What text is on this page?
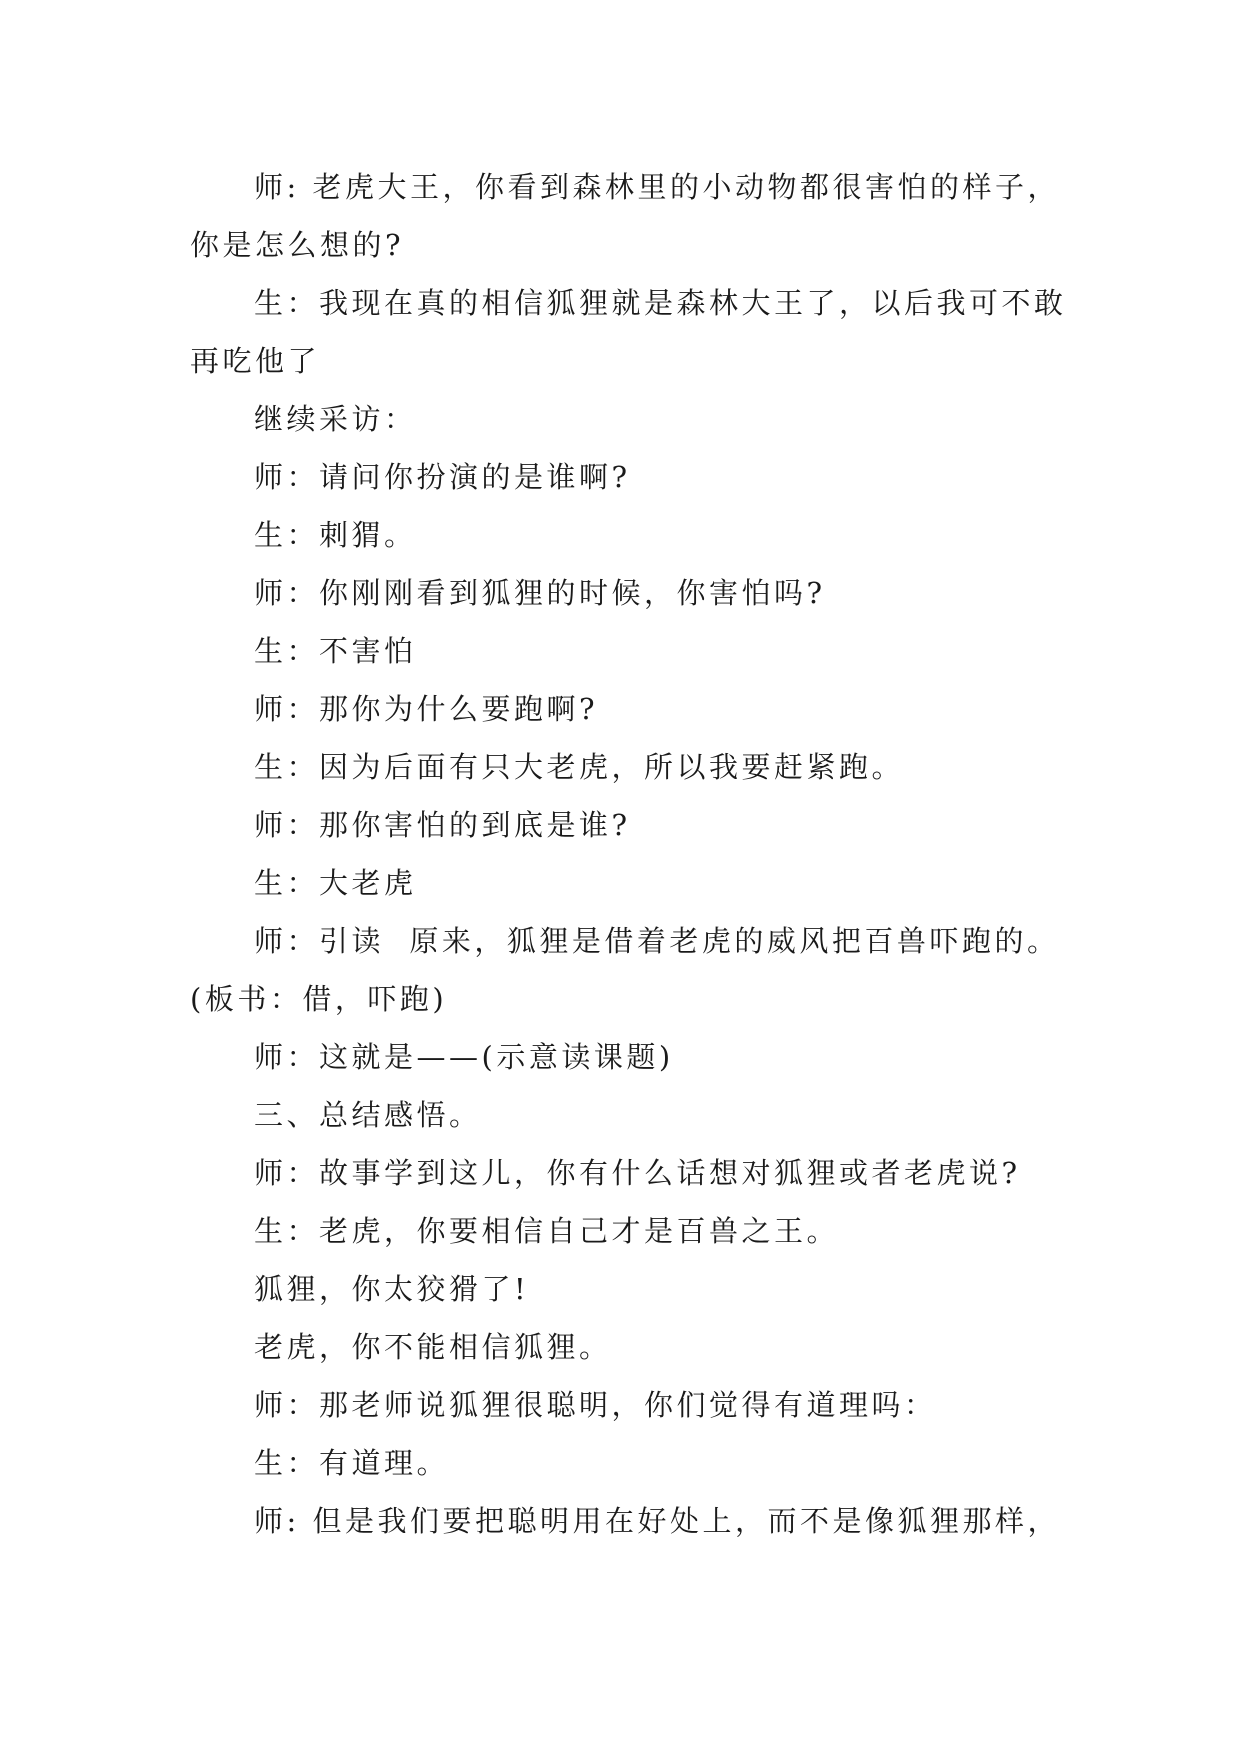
师: 老虎大王，你看到森林里的小动物都很害怕的样子，你是怎么想的?

生：我现在真的相信狐狸就是森林大王了，以后我可不敢再吃他了

继续采访：

师：请问你扮演的是谁啊?

生：刺猬。

师：你刚刚看到狐狸的时候，你害怕吗?

生：不害怕

师：那你为什么要跑啊?

生：因为后面有只大老虎，所以我要赶紧跑。

师：那你害怕的到底是谁?

生：大老虎

师：引读  原来，狐狸是借着老虎的威风把百兽吓跑的。(板书：借，吓跑)

师：这就是——(示意读课题)

三、总结感悟。

师：故事学到这儿，你有什么话想对狐狸或者老虎说?

生：老虎，你要相信自己才是百兽之王。

狐狸，你太狡猾了!

老虎，你不能相信狐狸。

师：那老师说狐狸很聪明，你们觉得有道理吗：

生：有道理。

师: 但是我们要把聪明用在好处上，而不是像狐狸那样，
